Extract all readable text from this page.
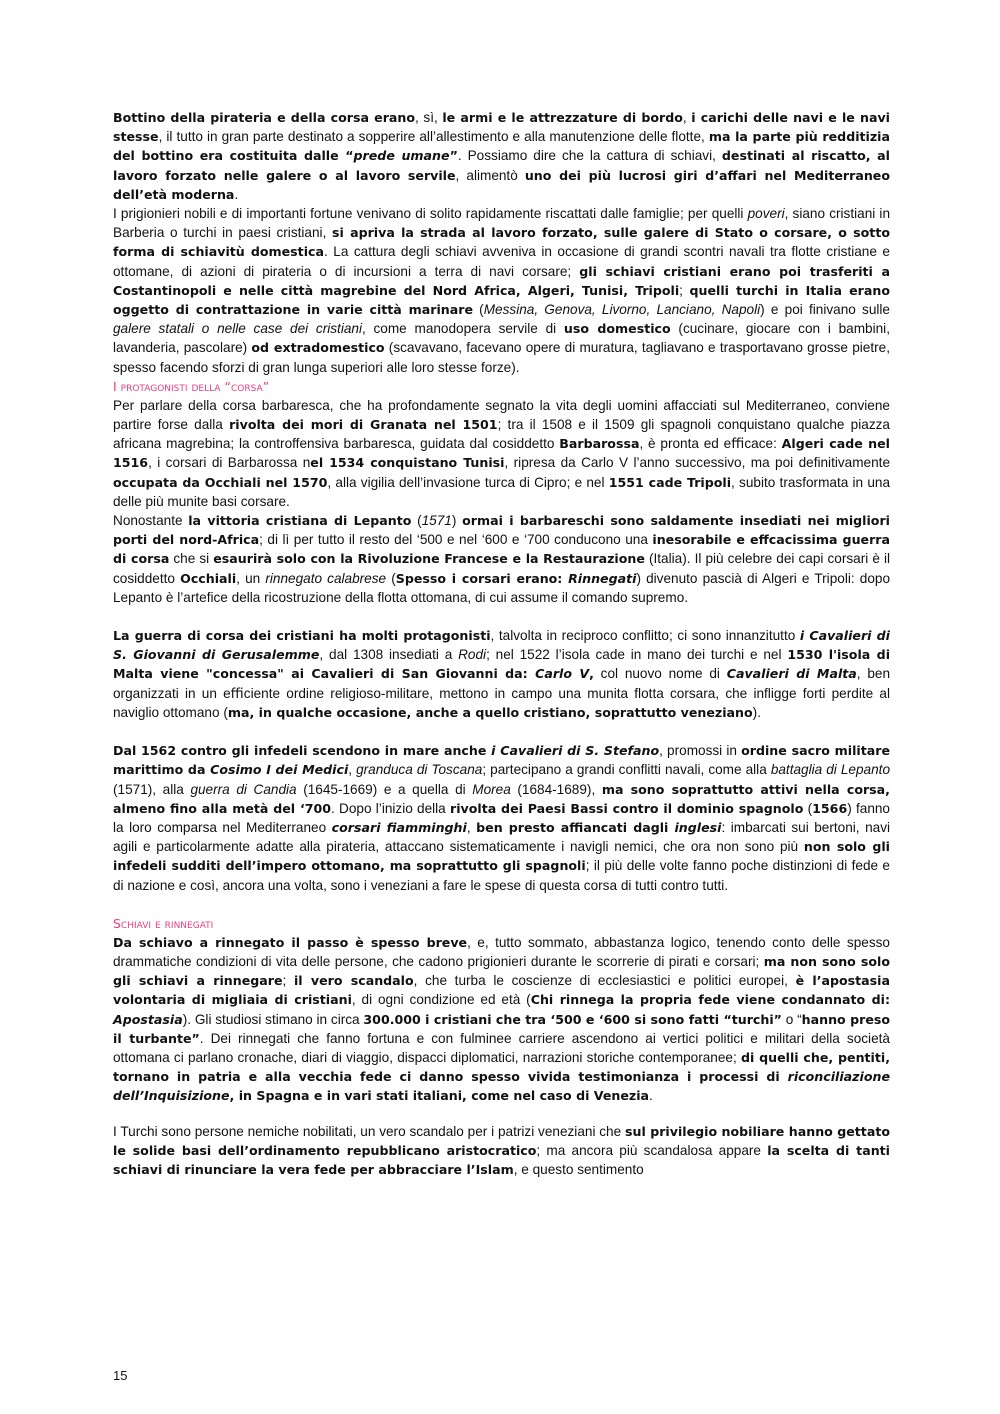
Bottino della pirateria e della corsa erano, sì, le armi e le attrezzature di bordo, i carichi delle navi e le navi stesse, il tutto in gran parte destinato a sopperire all’allestimento e alla manutenzione delle ﬂotte, ma la parte più redditizia del bottino era costituita dalle “prede umane”. Possiamo dire che la cattura di schiavi, destinati al riscatto, al lavoro forzato nelle galere o al lavoro servile, alimentò uno dei più lucrosi giri d’affari nel Mediterraneo dell’età moderna.

I prigionieri nobili e di importanti fortune venivano di solito rapidamente riscattati dalle famiglie; per quelli poveri, siano cristiani in Barberia o turchi in paesi cristiani, si apriva la strada al lavoro forzato, sulle galere di Stato o corsare, o sotto forma di schiavitù domestica. La cattura degli schiavi avveniva in occasione di grandi scontri navali tra ﬂotte cristiane e ottomane, di azioni di pirateria o di incursioni a terra di navi corsare; gli schiavi cristiani erano poi trasferiti a Costantinopoli e nelle città magrebine del Nord Africa, Algeri, Tunisi, Tripoli; quelli turchi in Italia erano oggetto di contrattazione in varie città marinare (Messina, Genova, Livorno, Lanciano, Napoli) e poi ﬁnivano sulle galere statali o nelle case dei cristiani, come manodopera servile di uso domestico (cucinare, giocare con i bambini, lavanderia, pascolare) od extradomestico (scavavano, facevano opere di muratura, tagliavano e trasportavano grosse pietre, spesso facendo sforzi di gran lunga superiori alle loro stesse forze).

I protagonisti della “corsa”

Per parlare della corsa barbaresca, che ha profondamente segnato la vita degli uomini affacciati sul Mediterraneo, conviene partire forse dalla rivolta dei mori di Granata nel 1501; tra il 1508 e il 1509 gli spagnoli conquistano qualche piazza africana magrebina; la controffensiva barbaresca, guidata dal cosiddetto Barbarossa, è pronta ed eﬃcace: Algeri cade nel 1516, i corsari di Barbarossa nel 1534 conquistano Tunisi, ripresa da Carlo V l’anno successivo, ma poi deﬁnitivamente occupata da Occhiali nel 1570, alla vigilia dell’invasione turca di Cipro; e nel 1551 cade Tripoli, subito trasformata in una delle più munite basi corsare.

Nonostante la vittoria cristiana di Lepanto (1571) ormai i barbareschi sono saldamente insediati nei migliori porti del nord-Africa; di lì per tutto il resto del ‘500 e nel ‘600 e ‘700 conducono una inesorabile e eﬀcacissima guerra di corsa che si esaurirà solo con la Rivoluzione Francese e la Restaurazione (Italia). Il più celebre dei capi corsari è il cosiddetto Occhiali, un rinnegato calabrese (Spesso i corsari erano: Rinnegati) divenuto pascià di Algeri e Tripoli: dopo Lepanto è l’arteﬁce della ricostruzione della ﬂotta ottomana, di cui assume il comando supremo.

La guerra di corsa dei cristiani ha molti protagonisti, talvolta in reciproco conﬂitto; ci sono innanzitutto i Cavalieri di S. Giovanni di Gerusalemme, dal 1308 insediati a Rodi; nel 1522 l’isola cade in mano dei turchi e nel 1530 l'isola di Malta viene "concessa" ai Cavalieri di San Giovanni da: Carlo V, col nuovo nome di Cavalieri di Malta, ben organizzati in un eﬃciente ordine religioso-militare, mettono in campo una munita ﬂotta corsara, che inﬂigge forti perdite al naviglio ottomano (ma, in qualche occasione, anche a quello cristiano, soprattutto veneziano).

Dal 1562 contro gli infedeli scendono in mare anche i Cavalieri di S. Stefano, promossi in ordine sacro militare marittimo da Cosimo I dei Medici, granduca di Toscana; partecipano a grandi conﬂitti navali, come alla battaglia di Lepanto (1571), alla guerra di Candia (1645-1669) e a quella di Morea (1684-1689), ma sono soprattutto attivi nella corsa, almeno ﬁno alla metà del ‘700. Dopo l’inizio della rivolta dei Paesi Bassi contro il dominio spagnolo (1566) fanno la loro comparsa nel Mediterraneo corsari ﬁamminghi, ben presto aﬃancati dagli inglesi: imbarcati sui bertoni, navi agili e particolarmente adatte alla pirateria, attaccano sistematicamente i navigli nemici, che ora non sono più non solo gli infedeli sudditi dell’impero ottomano, ma soprattutto gli spagnoli; il più delle volte fanno poche distinzioni di fede e di nazione e così, ancora una volta, sono i veneziani a fare le spese di questa corsa di tutti contro tutti.

Schiavi e rinnegati

Da schiavo a rinnegato il passo è spesso breve, e, tutto sommato, abbastanza logico, tenendo conto delle spesso drammatiche condizioni di vita delle persone, che cadono prigionieri durante le scorrerie di pirati e corsari; ma non sono solo gli schiavi a rinnegare; il vero scandalo, che turba le coscienze di ecclesiastici e politici europei, è l’apostasia volontaria di migliaia di cristiani, di ogni condizione ed età (Chi rinnega la propria fede viene condannato di: Apostasia). Gli studiosi stimano in circa 300.000 i cristiani che tra ‘500 e ‘600 si sono fatti “turchi” o “hanno preso il turbante”. Dei rinnegati che fanno fortuna e con fulminee carriere ascendono ai vertici politici e militari della società ottomana ci parlano cronache, diari di viaggio, dispacci diplomatici, narrazioni storiche contemporanee; di quelli che, pentiti, tornano in patria e alla vecchia fede ci danno spesso vivida testimonianza i processi di riconciliazione dell’Inquisizione, in Spagna e in vari stati italiani, come nel caso di Venezia.

I Turchi sono persone nemiche nobilitati, un vero scandalo per i patrizi veneziani che sul privilegio nobiliare hanno gettato le solide basi dell’ordinamento repubblicano aristocratico; ma ancora più scandalosa appare la scelta di tanti schiavi di rinunciare la vera fede per abbracciare l’Islam, e questo sentimento

15
